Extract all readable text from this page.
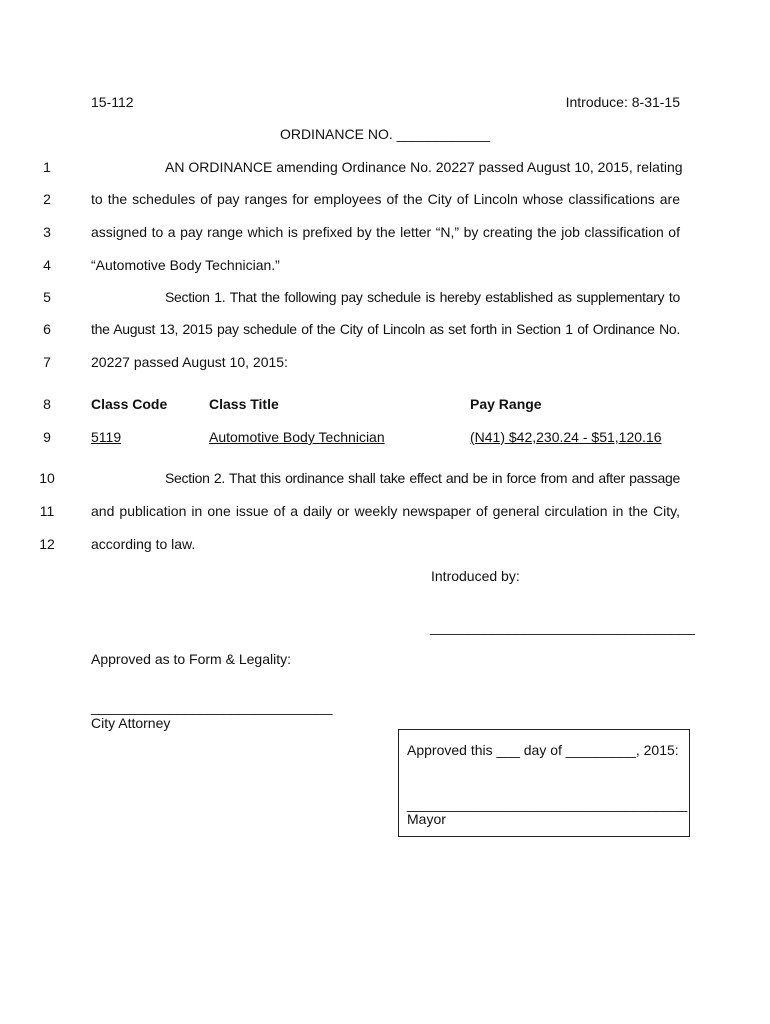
15-112	Introduce: 8-31-15
ORDINANCE NO. ____________
1
2
3
4
5
6
7
8
9
10
11
12
AN ORDINANCE amending Ordinance No. 20227 passed August 10, 2015, relating
to the schedules of pay ranges for employees of the City of Lincoln whose classifications are
assigned to a pay range which is prefixed by the letter “N,” by creating the job classification of
“Automotive Body Technician.”
Section 1. That the following pay schedule is hereby established as supplementary to
the August 13, 2015 pay schedule of the City of Lincoln as set forth in Section 1 of Ordinance No.
20227 passed August 10, 2015:
Class Code	Class Title	Pay Range
5119	Automotive Body Technician	(N41) $42,230.24 - $51,120.16
Section 2. That this ordinance shall take effect and be in force from and after passage
and publication in one issue of a daily or weekly newspaper of general circulation in the City,
according to law.
Introduced by:
__________________________________
Approved as to Form & Legality:
_______________________________
City Attorney
Approved this ___ day of _________, 2015:
____________________________________
Mayor
